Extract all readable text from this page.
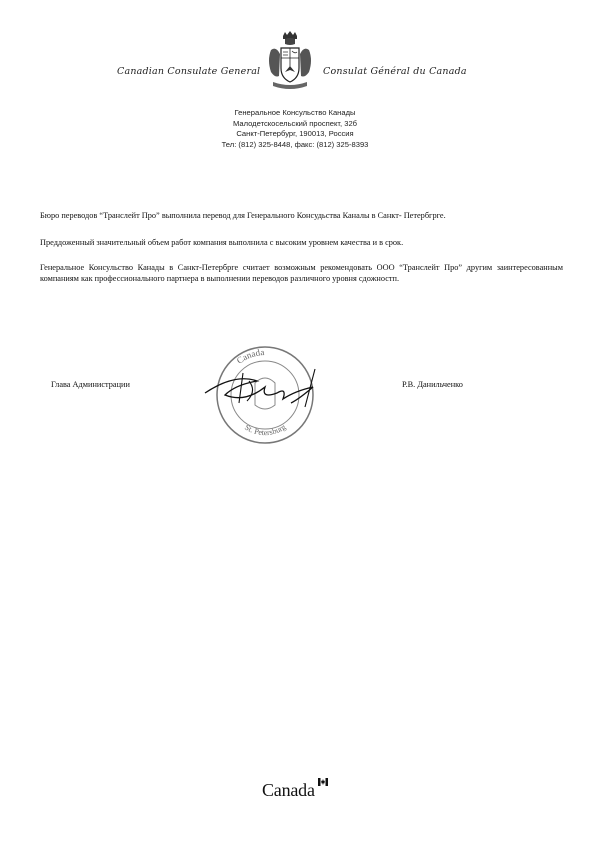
Canadian Consulate General	Consulat Général du Canada
Генеральное Консульство Канады
Малодетскосельский проспект, 32б
Санкт-Петербург, 190013, Россия
Тел: (812) 325-8448, факс: (812) 325-8393
Бюро переводов “Транслейт Про” выполнила перевод для Генерального Консудьства Каналы в Санкт- Петербгрге.
Преддоженный значительный объем работ компания выполнила с высоким уровнем качества и в срок.
Генеральное Консульство Канады в Санкт-Петербрге считает возможным рекомендовать ООО “Транслейт Про” другим заинтересованным компаниям как профессионального партнера в выполнении переводов различного уровня сдожностп.
Глава Администрации
Canada
St. Petersburg
Р.В. Данильченко
Canada
